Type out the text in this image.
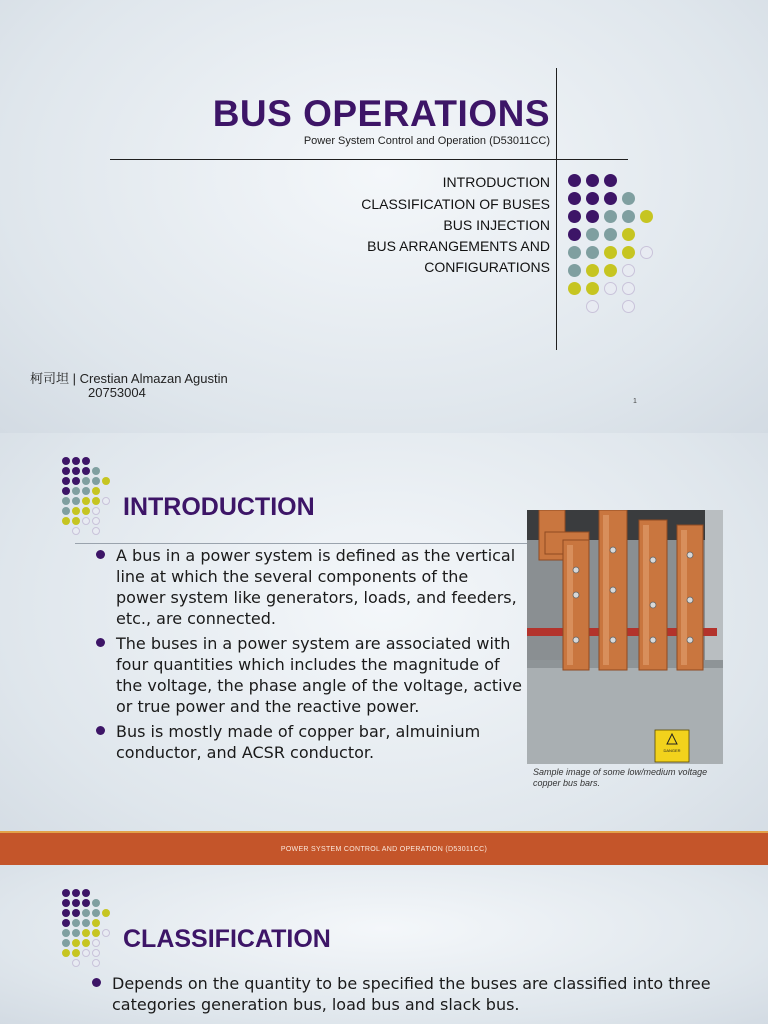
BUS OPERATIONS
Power System Control and Operation (D53011CC)
INTRODUCTION
CLASSIFICATION OF BUSES
BUS INJECTION
BUS ARRANGEMENTS AND
CONFIGURATIONS
柯司坦 | Crestian Almazan Agustin
20753004
1
INTRODUCTION
A bus in a power system is defined as the vertical line at which the several components of the power system like generators, loads, and feeders, etc., are connected.
The buses in a power system are associated with four quantities which includes the magnitude of the voltage, the phase angle of the voltage, active or true power and the reactive power.
Bus is mostly made of copper bar, almuinium conductor, and ACSR conductor.	DANGER
Sample image of some low/medium voltage copper bus bars.
POWER SYSTEM CONTROL AND OPERATION (D53011CC)
CLASSIFICATION
Depends on the quantity to be specified the buses are classified into three categories generation bus, load bus and slack bus.
